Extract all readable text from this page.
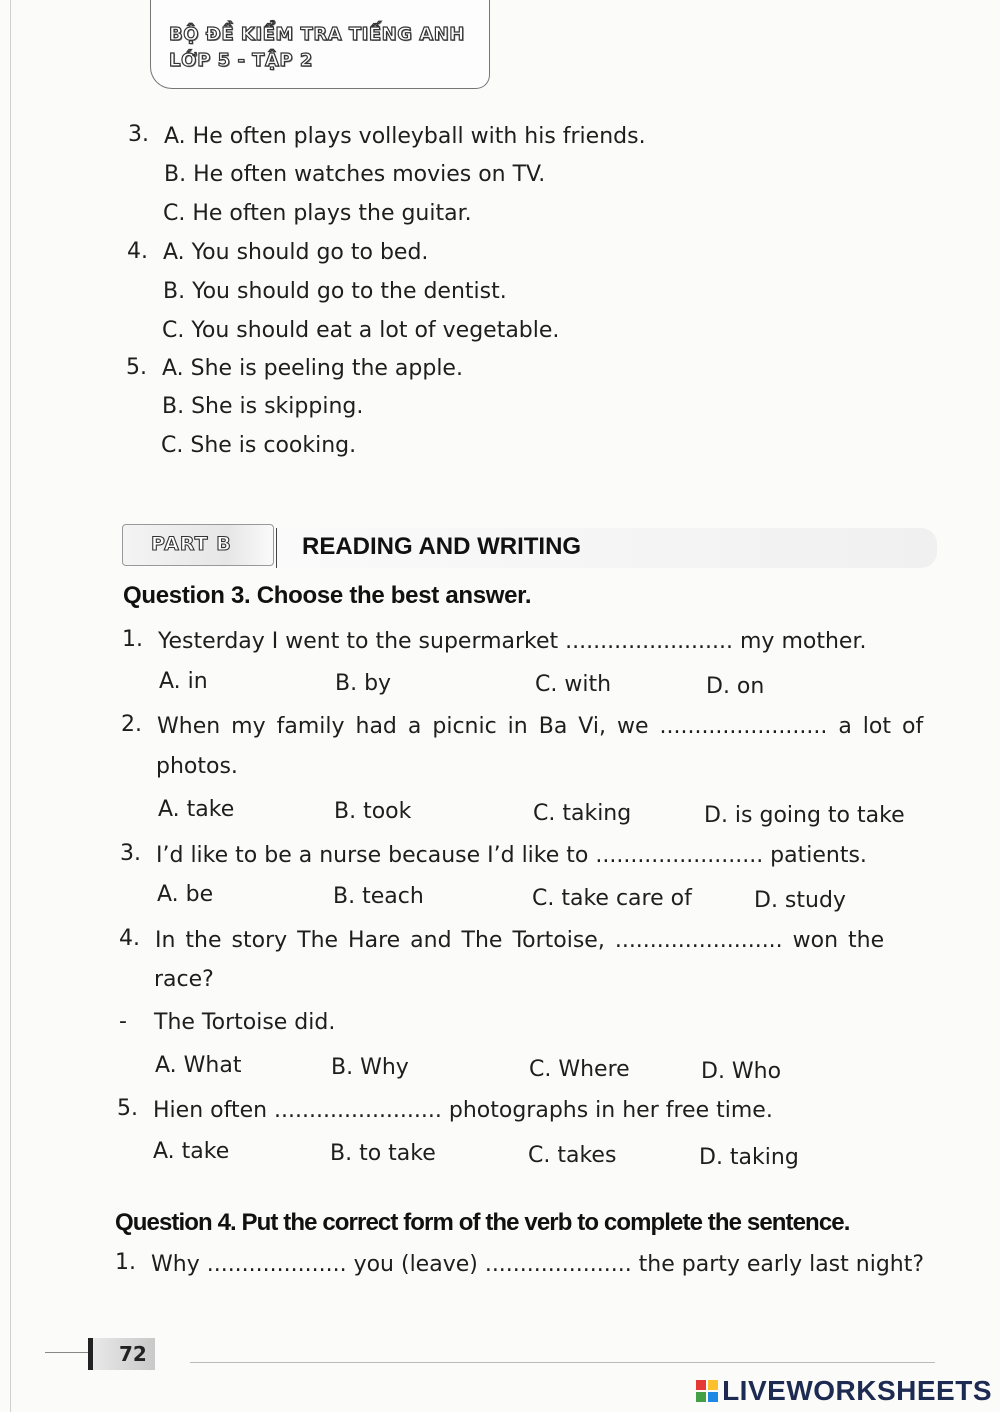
BỘ ĐỀ KIỂM TRA TIẾNG ANH
LỚP 5 - TẬP 2
3. A. He often plays volleyball with his friends.
B. He often watches movies on TV.
C. He often plays the guitar.
4. A. You should go to bed.
B. You should go to the dentist.
C. You should eat a lot of vegetable.
5. A. She is peeling the apple.
B. She is skipping.
C. She is cooking.
PART B	READING AND WRITING
Question 3. Choose the best answer.
1. Yesterday I went to the supermarket ........................ my mother.
A. in	B. by	C. with	D. on
2. When my family had a picnic in Ba Vi, we ........................ a lot of
photos.
A. take	B. took	C. taking	D. is going to take
3. I’d like to be a nurse because I’d like to ........................ patients.
A. be	B. teach	C. take care of	D. study
4. In the story The Hare and The Tortoise, ........................ won the
race?
- The Tortoise did.
A. What	B. Why	C. Where	D. Who
5. Hien often ........................ photographs in her free time.
A. take	B. to take	C. takes	D. taking
Question 4. Put the correct form of the verb to complete the sentence.
1. Why .................... you (leave) ..................... the party early last night?
72
LIVEWORKSHEETS
